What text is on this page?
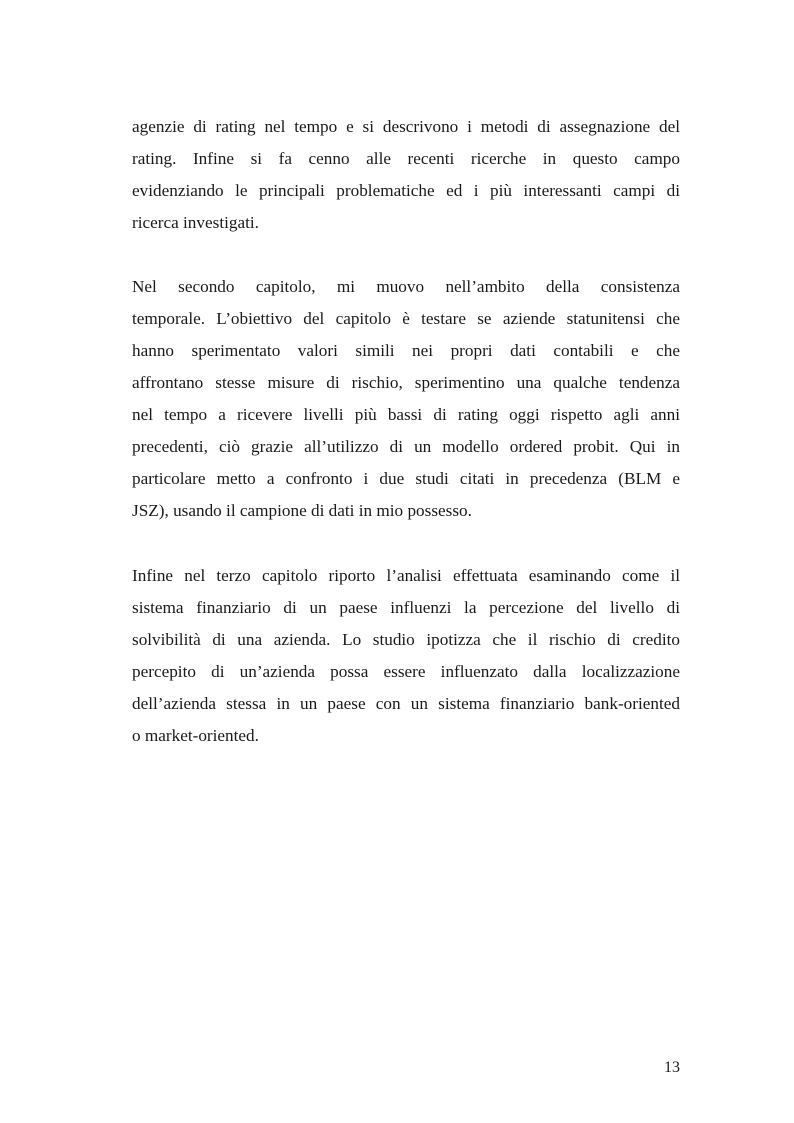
agenzie di rating nel tempo e si descrivono i metodi di assegnazione del
rating. Infine si fa cenno alle recenti ricerche in questo campo
evidenziando le principali problematiche ed i più interessanti campi di
ricerca investigati.

Nel secondo capitolo, mi muovo nell’ambito della consistenza
temporale. L’obiettivo del capitolo è testare se aziende statunitensi che
hanno sperimentato valori simili nei propri dati contabili e che
affrontano stesse misure di rischio, sperimentino una qualche tendenza
nel tempo a ricevere livelli più bassi di rating oggi rispetto agli anni
precedenti, ciò grazie all’utilizzo di un modello ordered probit. Qui in
particolare metto a confronto i due studi citati in precedenza (BLM e
JSZ), usando il campione di dati in mio possesso.

Infine nel terzo capitolo riporto l’analisi effettuata esaminando come il
sistema finanziario di un paese influenzi la percezione del livello di
solvibilità di una azienda. Lo studio ipotizza che il rischio di credito
percepito di un’azienda possa essere influenzato dalla localizzazione
dell’azienda stessa in un paese con un sistema finanziario bank-oriented
o market-oriented.

13
